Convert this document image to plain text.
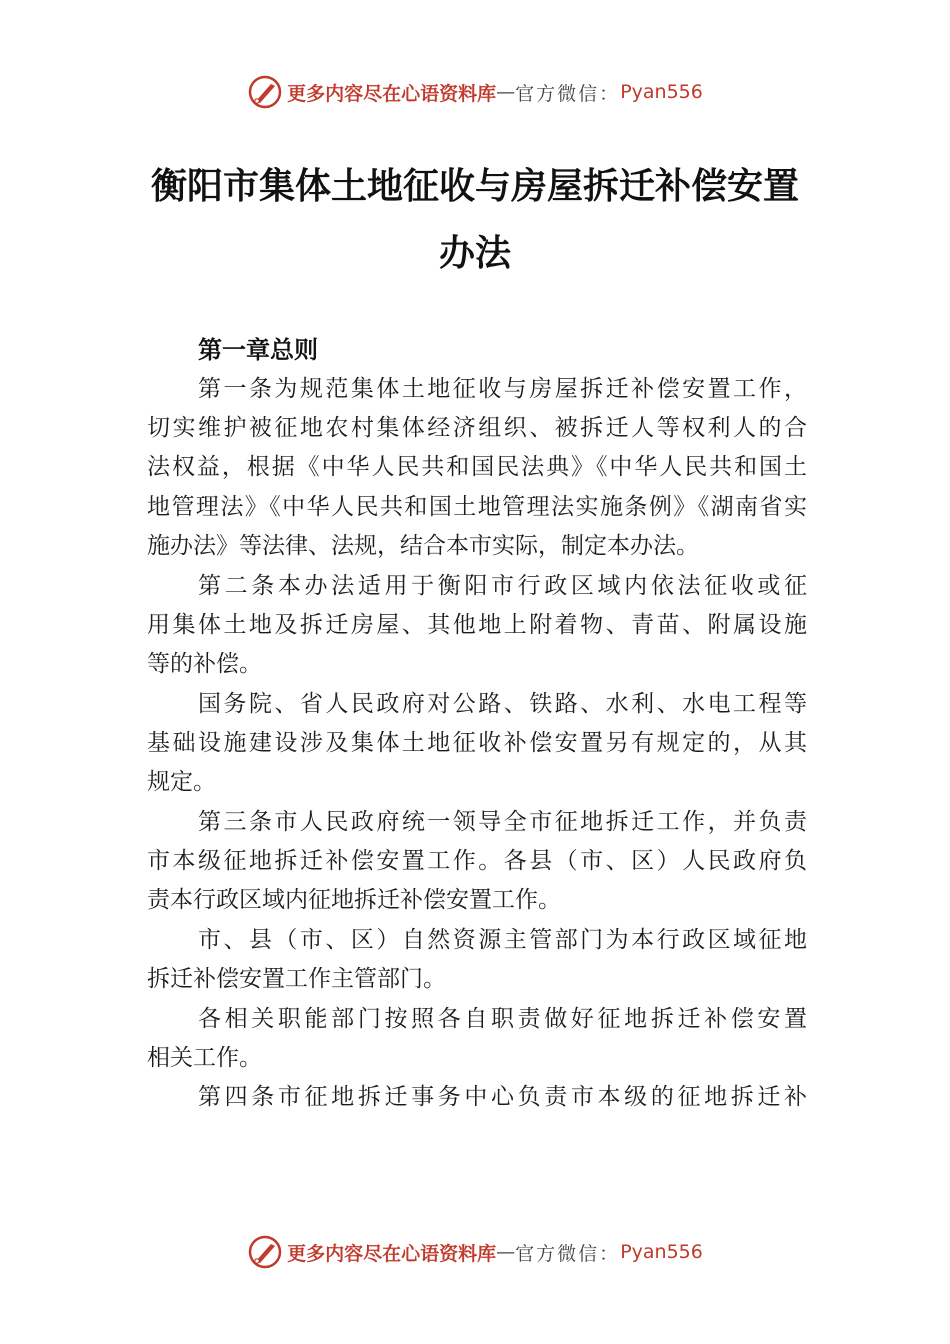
更多内容尽在心语资料库 — 官方微信： Pyan556
衡阳市集体土地征收与房屋拆迁补偿安置
办法
第一章总则
第一条为规范集体土地征收与房屋拆迁补偿安置工作，
切实维护被征地农村集体经济组织、被拆迁人等权利人的合
法权益，根据《中华人民共和国民法典》《中华人民共和国土
地管理法》《中华人民共和国土地管理法实施条例》《湖南省实
施办法》等法律、法规，结合本市实际，制定本办法。
第二条本办法适用于衡阳市行政区域内依法征收或征
用集体土地及拆迁房屋、其他地上附着物、青苗、附属设施
等的补偿。
国务院、省人民政府对公路、铁路、水利、水电工程等
基础设施建设涉及集体土地征收补偿安置另有规定的，从其
规定。
第三条市人民政府统一领导全市征地拆迁工作，并负责
市本级征地拆迁补偿安置工作。各县（市、区）人民政府负
责本行政区域内征地拆迁补偿安置工作。
市、县（市、区）自然资源主管部门为本行政区域征地
拆迁补偿安置工作主管部门。
各相关职能部门按照各自职责做好征地拆迁补偿安置
相关工作。
第四条市征地拆迁事务中心负责市本级的征地拆迁补
更多内容尽在心语资料库 — 官方微信： Pyan556
